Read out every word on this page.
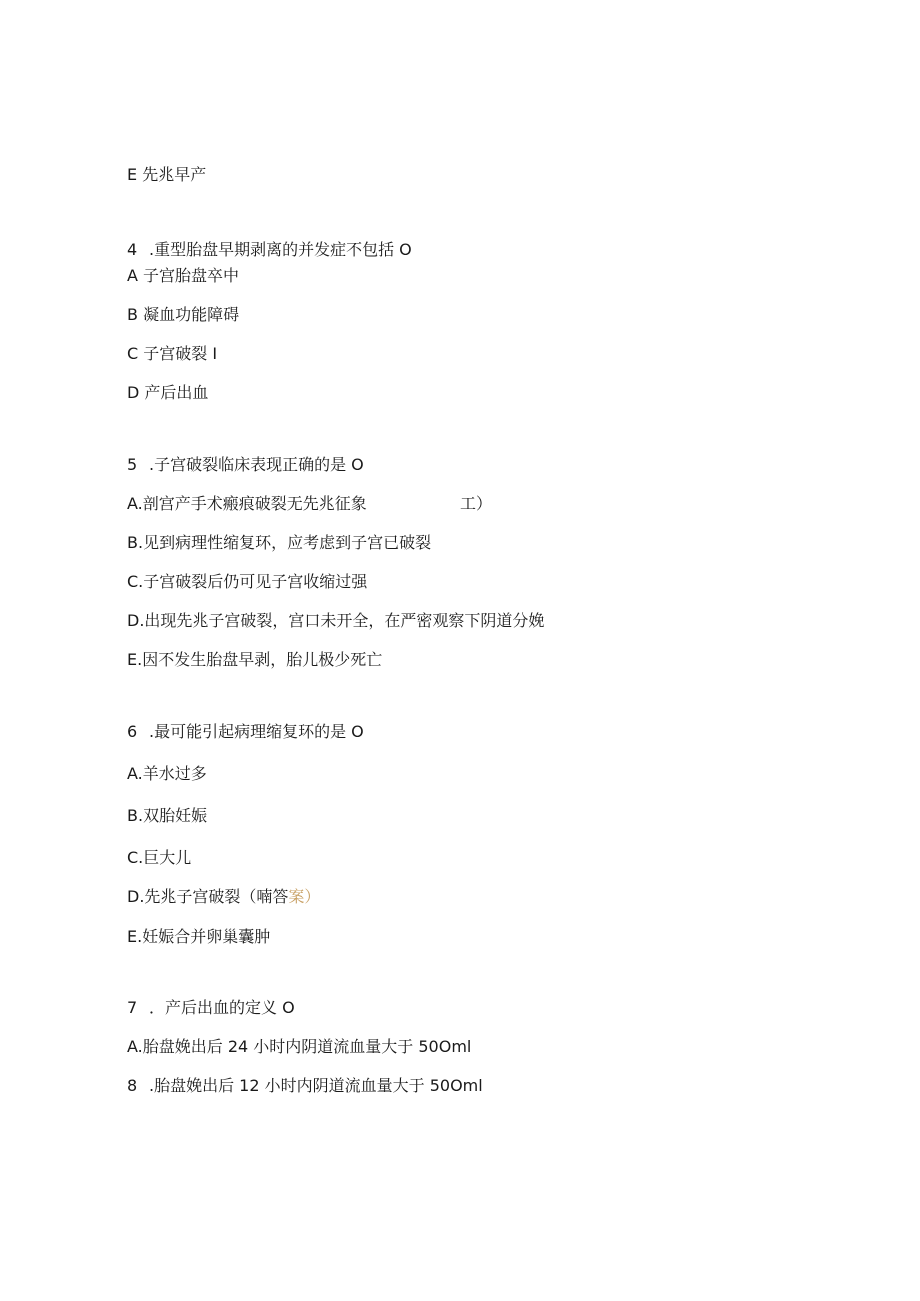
E 先兆早产
4 .重型胎盘早期剥离的并发症不包括 O
A 子宫胎盘卒中
B 凝血功能障碍
C 子宫破裂 I
D 产后出血
5 .子宫破裂临床表现正确的是 O
A.剖宫产手术瘢痕破裂无先兆征象	工）
B.见到病理性缩复环，应考虑到子宫已破裂
C.子宫破裂后仍可见子宫收缩过强
D.出现先兆子宫破裂，宫口未开全，在严密观察下阴道分娩
E.因不发生胎盘早剥，胎儿极少死亡
6 .最可能引起病理缩复环的是 O
A.羊水过多
B.双胎妊娠
C.巨大儿
D.先兆子宫破裂（喃答案）
E.妊娠合并卵巢囊肿
7 ．产后出血的定义 O
A.胎盘娩出后 24 小时内阴道流血量大于 50Oml
8 .胎盘娩出后 12 小时内阴道流血量大于 50Oml
